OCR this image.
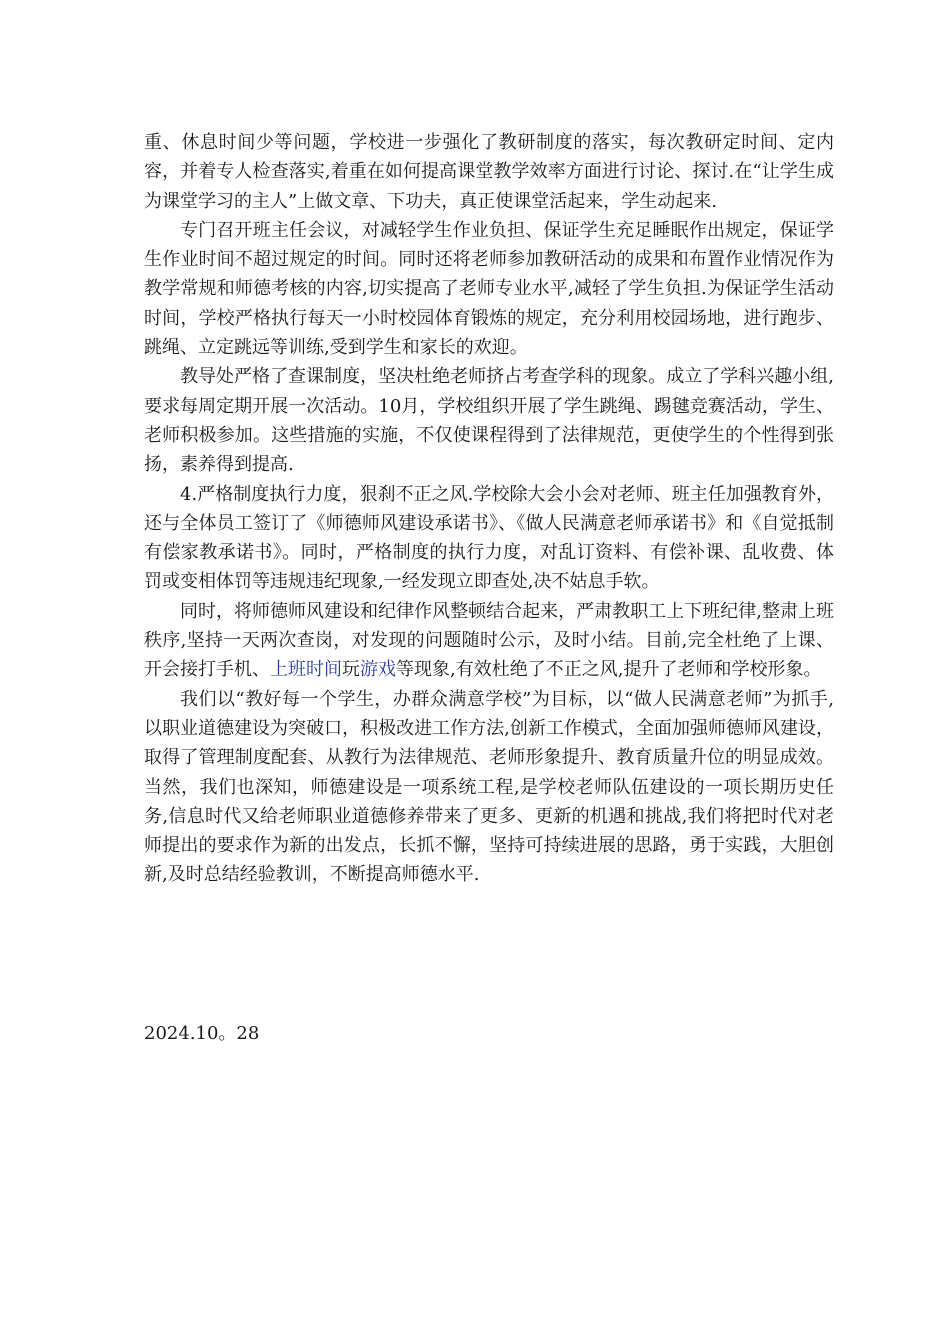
重、休息时间少等问题，学校进一步强化了教研制度的落实，每次教研定时间、定内容，并着专人检查落实,着重在如何提高课堂教学效率方面进行讨论、探讨.在“让学生成为课堂学习的主人”上做文章、下功夫，真正使课堂活起来，学生动起来.

专门召开班主任会议，对减轻学生作业负担、保证学生充足睡眠作出规定，保证学生作业时间不超过规定的时间。同时还将老师参加教研活动的成果和布置作业情况作为教学常规和师德考核的内容,切实提高了老师专业水平,减轻了学生负担.为保证学生活动时间，学校严格执行每天一小时校园体育锻炼的规定，充分利用校园场地，进行跑步、跳绳、立定跳远等训练,受到学生和家长的欢迎。

教导处严格了查课制度，坚决杜绝老师挤占考查学科的现象。成立了学科兴趣小组,要求每周定期开展一次活动。10月，学校组织开展了学生跳绳、踢毽竞赛活动，学生、老师积极参加。这些措施的实施，不仅使课程得到了法律规范，更使学生的个性得到张扬，素养得到提高.

4.严格制度执行力度，狠刹不正之风.学校除大会小会对老师、班主任加强教育外，还与全体员工签订了《师德师风建设承诺书》、《做人民满意老师承诺书》和《自觉抵制有偿家教承诺书》。同时，严格制度的执行力度，对乱订资料、有偿补课、乱收费、体罚或变相体罚等违规违纪现象,一经发现立即查处,决不姑息手软。

同时，将师德师风建设和纪律作风整顿结合起来，严肃教职工上下班纪律,整肃上班秩序,坚持一天两次查岗，对发现的问题随时公示，及时小结。目前,完全杜绝了上课、开会接打手机、上班时间玩游戏等现象,有效杜绝了不正之风,提升了老师和学校形象。

我们以“教好每一个学生，办群众满意学校”为目标，以“做人民满意老师”为抓手,以职业道德建设为突破口，积极改进工作方法,创新工作模式，全面加强师德师风建设，取得了管理制度配套、从教行为法律规范、老师形象提升、教育质量升位的明显成效。当然，我们也深知，师德建设是一项系统工程,是学校老师队伍建设的一项长期历史任务,信息时代又给老师职业道德修养带来了更多、更新的机遇和挑战,我们将把时代对老师提出的要求作为新的出发点，长抓不懈，坚持可持续进展的思路，勇于实践，大胆创新,及时总结经验教训，不断提高师德水平.

2024.10。28
